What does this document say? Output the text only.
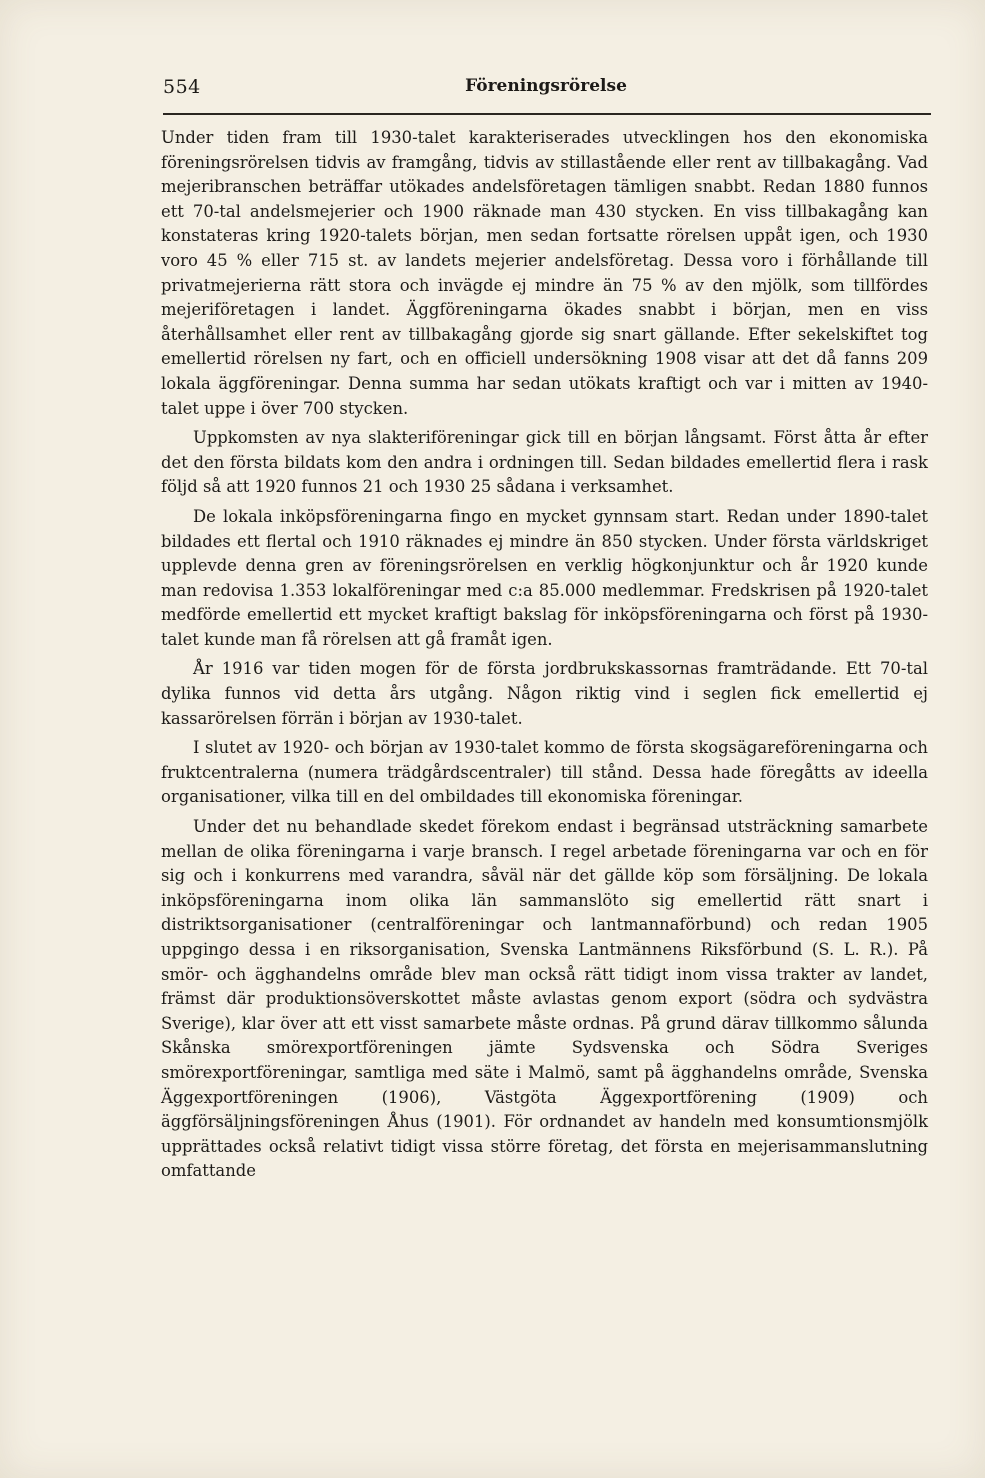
554	Föreningsrörelse

Under tiden fram till 1930-talet karakteriserades utvecklingen hos den ekonomiska föreningsrörelsen tidvis av framgång, tidvis av stillastående eller rent av tillbakagång. Vad mejeribranschen beträffar utökades andelsföretagen tämligen snabbt. Redan 1880 funnos ett 70-tal andelsmejerier och 1900 räknade man 430 stycken. En viss tillbakagång kan konstateras kring 1920-talets början, men sedan fortsatte rörelsen uppåt igen, och 1930 voro 45 % eller 715 st. av landets mejerier andelsföretag. Dessa voro i förhållande till privatmejerierna rätt stora och invägde ej mindre än 75 % av den mjölk, som tillfördes mejeriföretagen i landet. Äggföreningarna ökades snabbt i början, men en viss återhållsamhet eller rent av tillbakagång gjorde sig snart gällande. Efter sekelskiftet tog emellertid rörelsen ny fart, och en officiell undersökning 1908 visar att det då fanns 209 lokala äggföreningar. Denna summa har sedan utökats kraftigt och var i mitten av 1940-talet uppe i över 700 stycken.

Uppkomsten av nya slakteriföreningar gick till en början långsamt. Först åtta år efter det den första bildats kom den andra i ordningen till. Sedan bildades emellertid flera i rask följd så att 1920 funnos 21 och 1930 25 sådana i verksamhet.

De lokala inköpsföreningarna fingo en mycket gynnsam start. Redan under 1890-talet bildades ett flertal och 1910 räknades ej mindre än 850 stycken. Under första världskriget upplevde denna gren av föreningsrörelsen en verklig högkonjunktur och år 1920 kunde man redovisa 1.353 lokalföreningar med c:a 85.000 medlemmar. Fredskrisen på 1920-talet medförde emellertid ett mycket kraftigt bakslag för inköpsföreningarna och först på 1930-talet kunde man få rörelsen att gå framåt igen.

År 1916 var tiden mogen för de första jordbrukskassornas framträdande. Ett 70-tal dylika funnos vid detta års utgång. Någon riktig vind i seglen fick emellertid ej kassarörelsen förrän i början av 1930-talet.

I slutet av 1920- och början av 1930-talet kommo de första skogsägareföreningarna och fruktcentralerna (numera trädgårdscentraler) till stånd. Dessa hade föregåtts av ideella organisationer, vilka till en del ombildades till ekonomiska föreningar.

Under det nu behandlade skedet förekom endast i begränsad utsträckning samarbete mellan de olika föreningarna i varje bransch. I regel arbetade föreningarna var och en för sig och i konkurrens med varandra, såväl när det gällde köp som försäljning. De lokala inköpsföreningarna inom olika län sammanslöto sig emellertid rätt snart i distriktsorganisationer (centralföreningar och lantmannaförbund) och redan 1905 uppgingo dessa i en riksorganisation, Svenska Lantmännens Riksförbund (S. L. R.). På smör- och ägghandelns område blev man också rätt tidigt inom vissa trakter av landet, främst där produktionsöverskottet måste avlastas genom export (södra och sydvästra Sverige), klar över att ett visst samarbete måste ordnas. På grund därav tillkommo sålunda Skånska smörexportföreningen jämte Sydsvenska och Södra Sveriges smörexportföreningar, samtliga med säte i Malmö, samt på ägghandelns område, Svenska Äggexportföreningen (1906), Västgöta Äggexportförening (1909) och äggförsäljningsföreningen Åhus (1901). För ordnandet av handeln med konsumtionsmjölk upprättades också relativt tidigt vissa större företag, det första en mejerisammanslutning omfattande
